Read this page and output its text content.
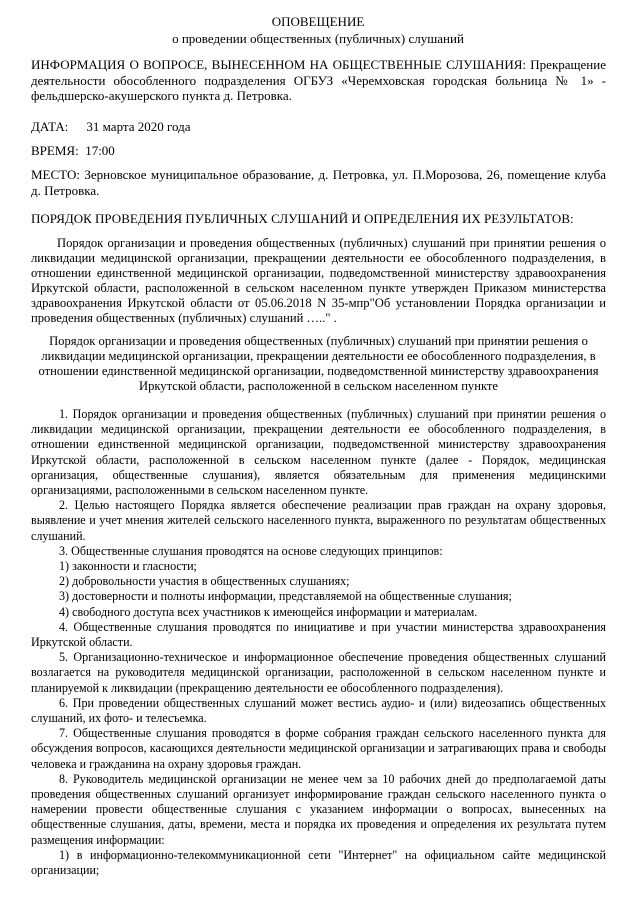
ОПОВЕЩЕНИЕ
о проведении общественных (публичных) слушаний
ИНФОРМАЦИЯ О ВОПРОСЕ, ВЫНЕСЕННОМ НА ОБЩЕСТВЕННЫЕ СЛУШАНИЯ: Прекращение деятельности обособленного подразделения ОГБУЗ «Черемховская городская больница № 1» - фельдшерско-акушерского пункта д. Петровка.
ДАТА: 31 марта 2020 года
ВРЕМЯ: 17:00
МЕСТО: Зерновское муниципальное образование, д. Петровка, ул. П.Морозова, 26, помещение клуба д. Петровка.
ПОРЯДОК ПРОВЕДЕНИЯ ПУБЛИЧНЫХ СЛУШАНИЙ И ОПРЕДЕЛЕНИЯ ИХ РЕЗУЛЬТАТОВ:
Порядок организации и проведения общественных (публичных) слушаний при принятии решения о ликвидации медицинской организации, прекращении деятельности ее обособленного подразделения, в отношении единственной медицинской организации, подведомственной министерству здравоохранения Иркутской области, расположенной в сельском населенном пункте утвержден Приказом министерства здравоохранения Иркутской области от 05.06.2018 N 35-мпр"Об установлении Порядка организации и проведения общественных (публичных) слушаний ….." .
Порядок организации и проведения общественных (публичных) слушаний при принятии решения о ликвидации медицинской организации, прекращении деятельности ее обособленного подразделения, в отношении единственной медицинской организации, подведомственной министерству здравоохранения Иркутской области, расположенной в сельском населенном пункте

1. Порядок организации и проведения общественных (публичных) слушаний при принятии решения о ликвидации медицинской организации, прекращении деятельности ее обособленного подразделения, в отношении единственной медицинской организации, подведомственной министерству здравоохранения Иркутской области, расположенной в сельском населенном пункте (далее - Порядок, медицинская организация, общественные слушания), является обязательным для применения медицинскими организациями, расположенными в сельском населенном пункте.

2. Целью настоящего Порядка является обеспечение реализации прав граждан на охрану здоровья, выявление и учет мнения жителей сельского населенного пункта, выраженного по результатам общественных слушаний.

3. Общественные слушания проводятся на основе следующих принципов:

1) законности и гласности;

2) добровольности участия в общественных слушаниях;

3) достоверности и полноты информации, представляемой на общественные слушания;

4) свободного доступа всех участников к имеющейся информации и материалам.

4. Общественные слушания проводятся по инициативе и при участии министерства здравоохранения Иркутской области.

5. Организационно-техническое и информационное обеспечение проведения общественных слушаний возлагается на руководителя медицинской организации, расположенной в сельском населенном пункте и планируемой к ликвидации (прекращению деятельности ее обособленного подразделения).

6. При проведении общественных слушаний может вестись аудио- и (или) видеозапись общественных слушаний, их фото- и телесъемка.

7. Общественные слушания проводятся в форме собрания граждан сельского населенного пункта для обсуждения вопросов, касающихся деятельности медицинской организации и затрагивающих права и свободы человека и гражданина на охрану здоровья граждан.

8. Руководитель медицинской организации не менее чем за 10 рабочих дней до предполагаемой даты проведения общественных слушаний организует информирование граждан сельского населенного пункта о намерении провести общественные слушания с указанием информации о вопросах, вынесенных на общественные слушания, даты, времени, места и порядка их проведения и определения их результата путем размещения информации:

1) в информационно-телекоммуникационной сети "Интернет" на официальном сайте медицинской организации;
